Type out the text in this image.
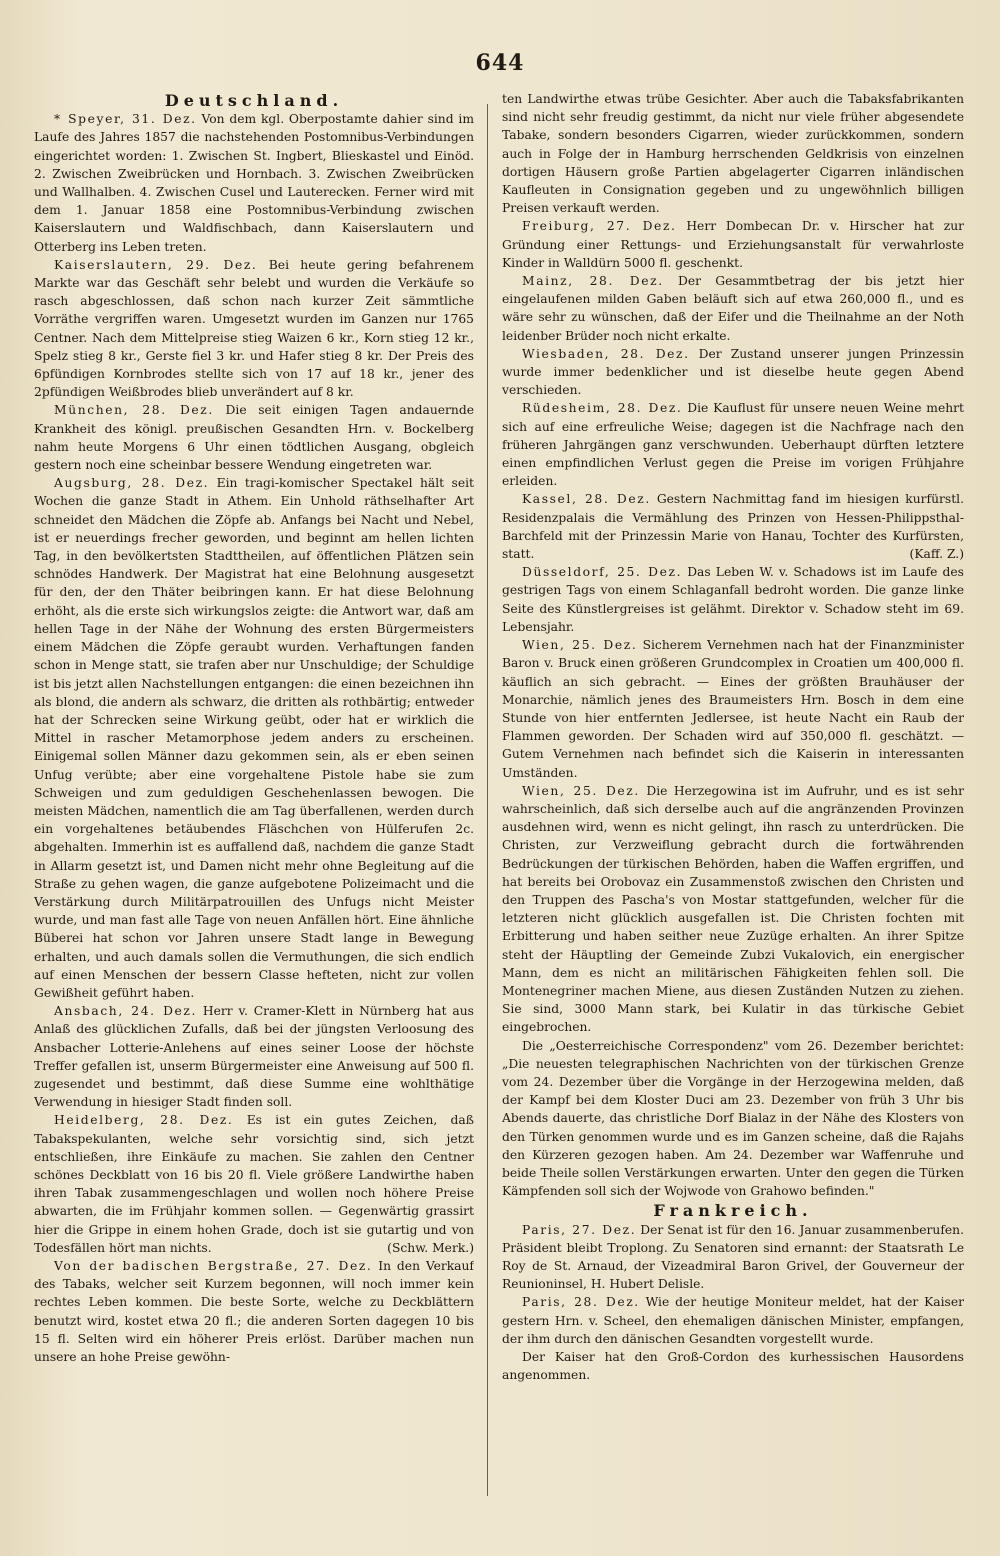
644
Deutschland.

* Speyer, 31. Dez. Von dem kgl. Oberpostamte dahier sind im Laufe des Jahres 1857 die nachstehenden Postomnibus-Verbindungen eingerichtet worden: 1. Zwischen St. Ingbert, Blieskastel und Einöd. 2. Zwischen Zweibrücken und Hornbach. 3. Zwischen Zweibrücken und Wallhalben. 4. Zwischen Cusel und Lauterecken. Ferner wird mit dem 1. Januar 1858 eine Postomnibus-Verbindung zwischen Kaiserslautern und Waldfischbach, dann Kaiserslautern und Otterberg ins Leben treten.

Kaiserslautern, 29. Dez. Bei heute gering befahrenem Markte war das Geschäft sehr belebt und wurden die Verkäufe so rasch abgeschlossen, daß schon nach kurzer Zeit sämmtliche Vorräthe vergriffen waren. Umgesetzt wurden im Ganzen nur 1765 Centner. Nach dem Mittelpreise stieg Waizen 6 kr., Korn stieg 12 kr., Spelz stieg 8 kr., Gerste fiel 3 kr. und Hafer stieg 8 kr. Der Preis des 6pfündigen Kornbrodes stellte sich von 17 auf 18 kr., jener des 2pfündigen Weißbrodes blieb unverändert auf 8 kr.

München, 28. Dez. Die seit einigen Tagen andauernde Krankheit des königl. preußischen Gesandten Hrn. v. Bockelberg nahm heute Morgens 6 Uhr einen tödtlichen Ausgang, obgleich gestern noch eine scheinbar bessere Wendung eingetreten war.

Augsburg, 28. Dez. Ein tragi-komischer Spectakel hält seit Wochen die ganze Stadt in Athem. Ein Unhold räthselhafter Art schneidet den Mädchen die Zöpfe ab. Anfangs bei Nacht und Nebel, ist er neuerdings frecher geworden, und beginnt am hellen lichten Tag, in den bevölkertsten Stadttheilen, auf öffentlichen Plätzen sein schnödes Handwerk. Der Magistrat hat eine Belohnung ausgesetzt für den, der den Thäter beibringen kann. Er hat diese Belohnung erhöht, als die erste sich wirkungslos zeigte: die Antwort war, daß am hellen Tage in der Nähe der Wohnung des ersten Bürgermeisters einem Mädchen die Zöpfe geraubt wurden. Verhaftungen fanden schon in Menge statt, sie trafen aber nur Unschuldige; der Schuldige ist bis jetzt allen Nachstellungen entgangen: die einen bezeichnen ihn als blond, die andern als schwarz, die dritten als rothbärtig; entweder hat der Schrecken seine Wirkung geübt, oder hat er wirklich die Mittel in rascher Metamorphose jedem anders zu erscheinen. Einigemal sollen Männer dazu gekommen sein, als er eben seinen Unfug verübte; aber eine vorgehaltene Pistole habe sie zum Schweigen und zum geduldigen Geschehenlassen bewogen. Die meisten Mädchen, namentlich die am Tag überfallenen, werden durch ein vorgehaltenes betäubendes Fläschchen von Hülferufen 2c. abgehalten. Immerhin ist es auffallend daß, nachdem die ganze Stadt in Allarm gesetzt ist, und Damen nicht mehr ohne Begleitung auf die Straße zu gehen wagen, die ganze aufgebotene Polizeimacht und die Verstärkung durch Militärpatrouillen des Unfugs nicht Meister wurde, und man fast alle Tage von neuen Anfällen hört. Eine ähnliche Büberei hat schon vor Jahren unsere Stadt lange in Bewegung erhalten, und auch damals sollen die Vermuthungen, die sich endlich auf einen Menschen der bessern Classe hefteten, nicht zur vollen Gewißheit geführt haben.

Ansbach, 24. Dez. Herr v. Cramer-Klett in Nürnberg hat aus Anlaß des glücklichen Zufalls, daß bei der jüngsten Verloosung des Ansbacher Lotterie-Anlehens auf eines seiner Loose der höchste Treffer gefallen ist, unserm Bürgermeister eine Anweisung auf 500 fl. zugesendet und bestimmt, daß diese Summe eine wohlthätige Verwendung in hiesiger Stadt finden soll.

Heidelberg, 28. Dez. Es ist ein gutes Zeichen, daß Tabakspekulanten, welche sehr vorsichtig sind, sich jetzt entschließen, ihre Einkäufe zu machen. Sie zahlen den Centner schönes Deckblatt von 16 bis 20 fl. Viele größere Landwirthe haben ihren Tabak zusammengeschlagen und wollen noch höhere Preise abwarten, die im Frühjahr kommen sollen. — Gegenwärtig grassirt hier die Grippe in einem hohen Grade, doch ist sie gutartig und von Todesfällen hört man nichts.	(Schw. Merk.)

Von der badischen Bergstraße, 27. Dez. In den Verkauf des Tabaks, welcher seit Kurzem begonnen, will noch immer kein rechtes Leben kommen. Die beste Sorte, welche zu Deckblättern benutzt wird, kostet etwa 20 fl.; die anderen Sorten dagegen 10 bis 15 fl. Selten wird ein höherer Preis erlöst. Darüber machen nun unsere an hohe Preise gewöhn-

ten Landwirthe etwas trübe Gesichter. Aber auch die Tabaksfabrikanten sind nicht sehr freudig gestimmt, da nicht nur viele früher abgesendete Tabake, sondern besonders Cigarren, wieder zurückkommen, sondern auch in Folge der in Hamburg herrschenden Geldkrisis von einzelnen dortigen Häusern große Partien abgelagerter Cigarren inländischen Kaufleuten in Consignation gegeben und zu ungewöhnlich billigen Preisen verkauft werden.

Freiburg, 27. Dez. Herr Dombecan Dr. v. Hirscher hat zur Gründung einer Rettungs- und Erziehungsanstalt für verwahrloste Kinder in Walldürn 5000 fl. geschenkt.

Mainz, 28. Dez. Der Gesammtbetrag der bis jetzt hier eingelaufenen milden Gaben beläuft sich auf etwa 260,000 fl., und es wäre sehr zu wünschen, daß der Eifer und die Theilnahme an der Noth leidenber Brüder noch nicht erkalte.

Wiesbaden, 28. Dez. Der Zustand unserer jungen Prinzessin wurde immer bedenklicher und ist dieselbe heute gegen Abend verschieden.

Rüdesheim, 28. Dez. Die Kauflust für unsere neuen Weine mehrt sich auf eine erfreuliche Weise; dagegen ist die Nachfrage nach den früheren Jahrgängen ganz verschwunden. Ueberhaupt dürften letztere einen empfindlichen Verlust gegen die Preise im vorigen Frühjahre erleiden.

Kassel, 28. Dez. Gestern Nachmittag fand im hiesigen kurfürstl. Residenzpalais die Vermählung des Prinzen von Hessen-Philippsthal-Barchfeld mit der Prinzessin Marie von Hanau, Tochter des Kurfürsten, statt.	(Kaff. Z.)

Düsseldorf, 25. Dez. Das Leben W. v. Schadows ist im Laufe des gestrigen Tags von einem Schlaganfall bedroht worden. Die ganze linke Seite des Künstlergreises ist gelähmt. Direktor v. Schadow steht im 69. Lebensjahr.

Wien, 25. Dez. Sicherem Vernehmen nach hat der Finanzminister Baron v. Bruck einen größeren Grundcomplex in Croatien um 400,000 fl. käuflich an sich gebracht. — Eines der größten Brauhäuser der Monarchie, nämlich jenes des Braumeisters Hrn. Bosch in dem eine Stunde von hier entfernten Jedlersee, ist heute Nacht ein Raub der Flammen geworden. Der Schaden wird auf 350,000 fl. geschätzt. — Gutem Vernehmen nach befindet sich die Kaiserin in interessanten Umständen.

Wien, 25. Dez. Die Herzegowina ist im Aufruhr, und es ist sehr wahrscheinlich, daß sich derselbe auch auf die angränzenden Provinzen ausdehnen wird, wenn es nicht gelingt, ihn rasch zu unterdrücken. Die Christen, zur Verzweiflung gebracht durch die fortwährenden Bedrückungen der türkischen Behörden, haben die Waffen ergriffen, und hat bereits bei Orobovaz ein Zusammenstoß zwischen den Christen und den Truppen des Pascha's von Mostar stattgefunden, welcher für die letzteren nicht glücklich ausgefallen ist. Die Christen fochten mit Erbitterung und haben seither neue Zuzüge erhalten. An ihrer Spitze steht der Häuptling der Gemeinde Zubzi Vukalovich, ein energischer Mann, dem es nicht an militärischen Fähigkeiten fehlen soll. Die Montenegriner machen Miene, aus diesen Zuständen Nutzen zu ziehen. Sie sind, 3000 Mann stark, bei Kulatir in das türkische Gebiet eingebrochen.

Die „Oesterreichische Correspondenz" vom 26. Dezember berichtet: „Die neuesten telegraphischen Nachrichten von der türkischen Grenze vom 24. Dezember über die Vorgänge in der Herzogewina melden, daß der Kampf bei dem Kloster Duci am 23. Dezember von früh 3 Uhr bis Abends dauerte, das christliche Dorf Bialaz in der Nähe des Klosters von den Türken genommen wurde und es im Ganzen scheine, daß die Rajahs den Kürzeren gezogen haben. Am 24. Dezember war Waffenruhe und beide Theile sollen Verstärkungen erwarten. Unter den gegen die Türken Kämpfenden soll sich der Wojwode von Grahowo befinden."

Frankreich.

Paris, 27. Dez. Der Senat ist für den 16. Januar zusammenberufen. Präsident bleibt Troplong. Zu Senatoren sind ernannt: der Staatsrath Le Roy de St. Arnaud, der Vizeadmiral Baron Grivel, der Gouverneur der Reunioninsel, H. Hubert Delisle.

Paris, 28. Dez. Wie der heutige Moniteur meldet, hat der Kaiser gestern Hrn. v. Scheel, den ehemaligen dänischen Minister, empfangen, der ihm durch den dänischen Gesandten vorgestellt wurde.

Der Kaiser hat den Groß-Cordon des kurhessischen Hausordens angenommen.
